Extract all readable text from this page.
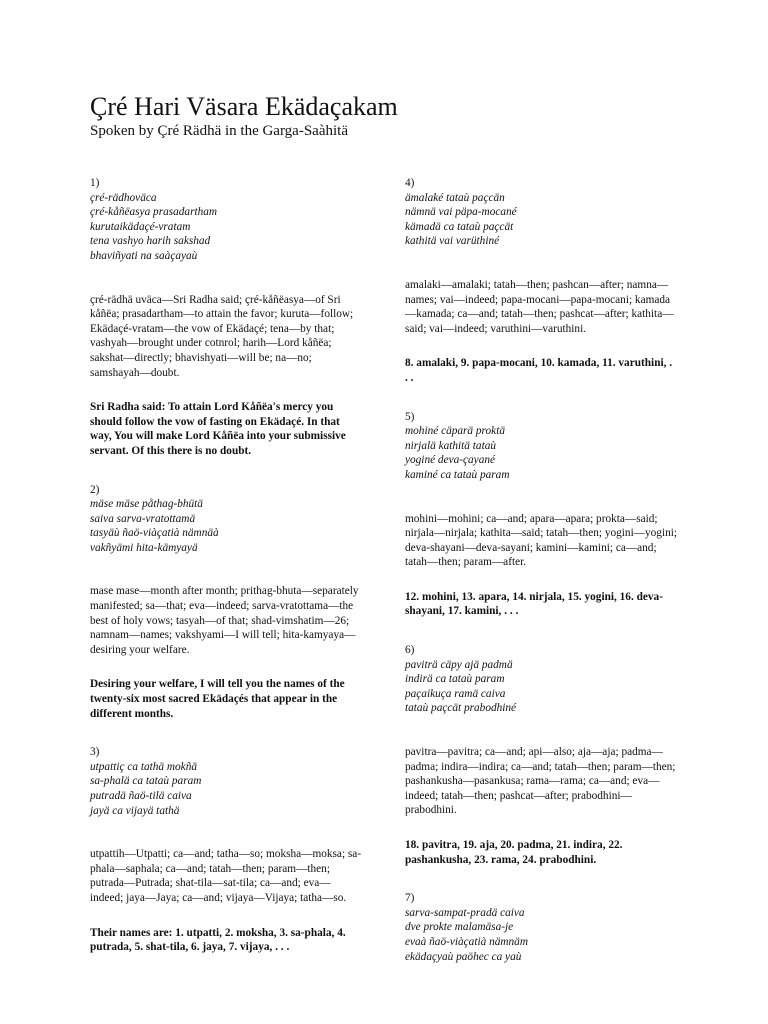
Çré Hari Väsara Ekädaçakam

Spoken by Çré Rädhä in the Garga-Saàhitä

1)
çré-rädhoväca
çré-kåñëasya prasadartham
kurutaikädaçé-vratam
tena vashyo harih sakshad
bhaviñyati na saàçayaù

çré-rädhä uväca—Sri Radha said; çré-kåñëasya—of Sri kåñëa; prasadartham—to attain the favor; kuruta—follow; Ekädaçé-vratam—the vow of Ekädaçé; tena—by that; vashyah—brought under cotnrol; harih—Lord kåñëa; sakshat—directly; bhavishyati—will be; na—no; samshayah—doubt.

Sri Radha said: To attain Lord Kåñëa's mercy you should follow the vow of fasting on Ekädaçé. In that way, You will make Lord Kåñëa into your submissive servant. Of this there is no doubt.

2)
mäse mäse påthag-bhütä
saiva sarva-vratottamä
tasyäù ñaö-viàçatià nämnäà
vakñyämi hita-kämyayä

mase mase—month after month; prithag-bhuta—separately manifested; sa—that; eva—indeed; sarva-vratottama—the best of holy vows; tasyah—of that; shad-vimshatim—26; namnam—names; vakshyami—I will tell; hita-kamyaya—desiring your welfare.

Desiring your welfare, I will tell you the names of the twenty-six most sacred Ekädaçés that appear in the different months.

3)
utpattiç ca tathä mokñä
sa-phalä ca tataù param
putradä ñaö-tilä caiva
jayä ca vijayä tathä

utpattih—Utpatti; ca—and; tatha—so; moksha—moksa; sa-phala—saphala; ca—and; tatah—then; param—then; putrada—Putrada; shat-tila—sat-tila; ca—and; eva—indeed; jaya—Jaya; ca—and; vijaya—Vijaya; tatha—so.

Their names are: 1. utpatti, 2. moksha, 3. sa-phala, 4. putrada, 5. shat-tila, 6. jaya, 7. vijaya, . . .

4)
ämalaké tataù paçcän
nämnä vai päpa-mocané
kämadä ca tataù paçcät
kathitä vai varüthiné

amalaki—amalaki; tatah—then; pashcan—after; namna—names; vai—indeed; papa-mocani—papa-mocani; kamada—kamada; ca—and; tatah—then; pashcat—after; kathita—said; vai—indeed; varuthini—varuthini.

8. amalaki, 9. papa-mocani, 10. kamada, 11. varuthini, . . .

5)
mohiné cäparä proktä
nirjalä kathitä tataù
yoginé deva-çayané
kaminé ca tataù param

mohini—mohini; ca—and; apara—apara; prokta—said; nirjala—nirjala; kathita—said; tatah—then; yogini—yogini; deva-shayani—deva-sayani; kamini—kamini; ca—and; tatah—then; param—after.

12. mohini, 13. apara, 14. nirjala, 15. yogini, 16. deva-shayani, 17. kamini, . . .

6)
paviträ cäpy ajä padmä
indirä ca tataù param
paçaikuça ramä caiva
tataù paçcät prabodhiné

pavitra—pavitra; ca—and; api—also; aja—aja; padma—padma; indira—indira; ca—and; tatah—then; param—then; pashankusha—pasankusa; rama—rama; ca—and; eva—indeed; tatah—then; pashcat—after; prabodhini—prabodhini.

18. pavitra, 19. aja, 20. padma, 21. indira, 22. pashankusha, 23. rama, 24. prabodhini.

7)
sarva-sampat-pradä caiva
dve prokte malamäsa-je
evaà ñaö-viàçatià nämnäm
ekädaçyaù paöhec ca yaù
